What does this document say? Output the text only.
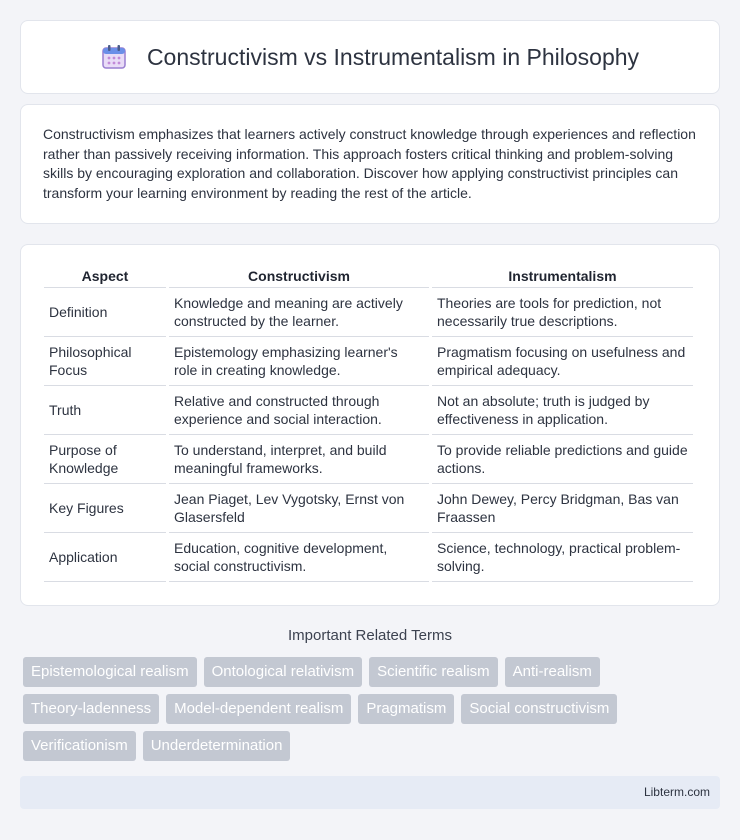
Constructivism vs Instrumentalism in Philosophy

Constructivism emphasizes that learners actively construct knowledge through experiences and reflection rather than passively receiving information. This approach fosters critical thinking and problem-solving skills by encouraging exploration and collaboration. Discover how applying constructivist principles can transform your learning environment by reading the rest of the article.

Aspect	Constructivism	Instrumentalism
Definition	Knowledge and meaning are actively constructed by the learner.	Theories are tools for prediction, not necessarily true descriptions.
Philosophical Focus	Epistemology emphasizing learner's role in creating knowledge.	Pragmatism focusing on usefulness and empirical adequacy.
Truth	Relative and constructed through experience and social interaction.	Not an absolute; truth is judged by effectiveness in application.
Purpose of Knowledge	To understand, interpret, and build meaningful frameworks.	To provide reliable predictions and guide actions.
Key Figures	Jean Piaget, Lev Vygotsky, Ernst von Glasersfeld	John Dewey, Percy Bridgman, Bas van Fraassen
Application	Education, cognitive development, social constructivism.	Science, technology, practical problem-solving.
Important Related Terms
Epistemological realism	Ontological relativism	Scientific realism	Anti-realism
Theory-ladenness	Model-dependent realism	Pragmatism	Social constructivism
Verificationism	Underdetermination
Libterm.com
